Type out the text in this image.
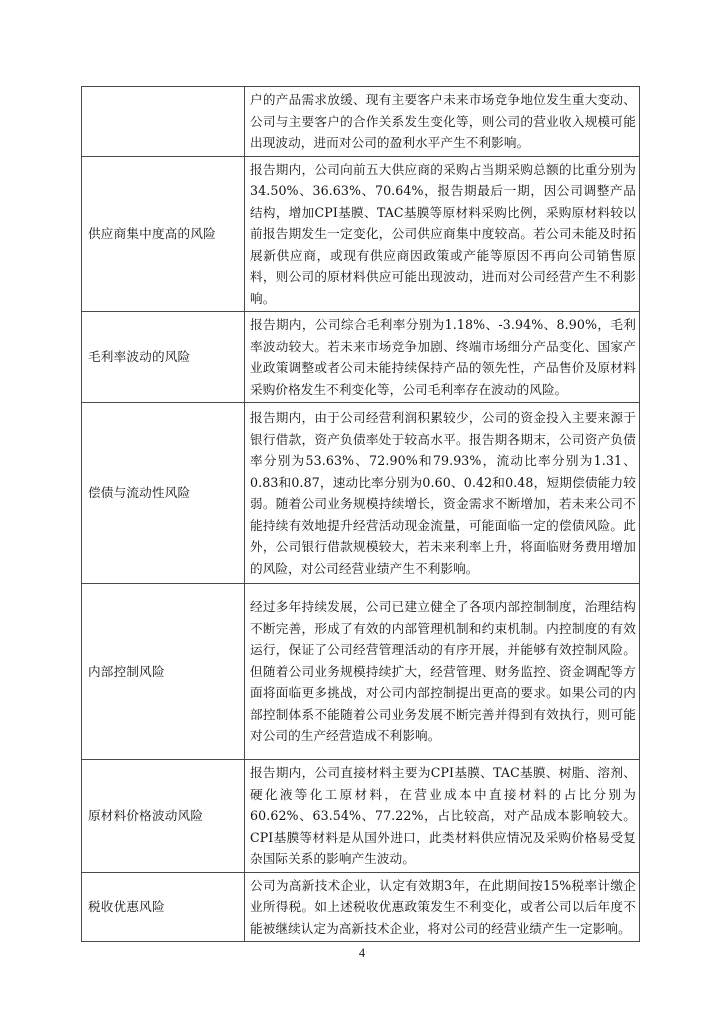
	户的产品需求放缓、现有主要客户未来市场竞争地位发生重大变动、公司与主要客户的合作关系发生变化等，则公司的营业收入规模可能出现波动，进而对公司的盈利水平产生不利影响。
供应商集中度高的风险	报告期内，公司向前五大供应商的采购占当期采购总额的比重分别为34.50%、36.63%、70.64%，报告期最后一期，因公司调整产品结构，增加CPI基膜、TAC基膜等原材料采购比例，采购原材料较以前报告期发生一定变化，公司供应商集中度较高。若公司未能及时拓展新供应商，或现有供应商因政策或产能等原因不再向公司销售原料，则公司的原材料供应可能出现波动，进而对公司经营产生不利影响。
毛利率波动的风险	报告期内，公司综合毛利率分别为1.18%、-3.94%、8.90%，毛利率波动较大。若未来市场竞争加剧、终端市场细分产品变化、国家产业政策调整或者公司未能持续保持产品的领先性，产品售价及原材料采购价格发生不利变化等，公司毛利率存在波动的风险。
偿债与流动性风险	报告期内，由于公司经营利润积累较少，公司的资金投入主要来源于银行借款，资产负债率处于较高水平。报告期各期末，公司资产负债率分别为53.63%、72.90%和79.93%，流动比率分别为1.31、0.83和0.87，速动比率分别为0.60、0.42和0.48，短期偿债能力较弱。随着公司业务规模持续增长，资金需求不断增加，若未来公司不能持续有效地提升经营活动现金流量，可能面临一定的偿债风险。此外，公司银行借款规模较大，若未来利率上升，将面临财务费用增加的风险，对公司经营业绩产生不利影响。
内部控制风险	经过多年持续发展，公司已建立健全了各项内部控制制度，治理结构不断完善，形成了有效的内部管理机制和约束机制。内控制度的有效运行，保证了公司经营管理活动的有序开展，并能够有效控制风险。但随着公司业务规模持续扩大，经营管理、财务监控、资金调配等方面将面临更多挑战，对公司内部控制提出更高的要求。如果公司的内部控制体系不能随着公司业务发展不断完善并得到有效执行，则可能对公司的生产经营造成不利影响。
原材料价格波动风险	报告期内，公司直接材料主要为CPI基膜、TAC基膜、树脂、溶剂、硬化液等化工原材料，在营业成本中直接材料的占比分别为60.62%、63.54%、77.22%，占比较高，对产品成本影响较大。CPI基膜等材料是从国外进口，此类材料供应情况及采购价格易受复杂国际关系的影响产生波动。
税收优惠风险	公司为高新技术企业，认定有效期3年，在此期间按15%税率计缴企业所得税。如上述税收优惠政策发生不利变化，或者公司以后年度不能被继续认定为高新技术企业，将对公司的经营业绩产生一定影响。
4
